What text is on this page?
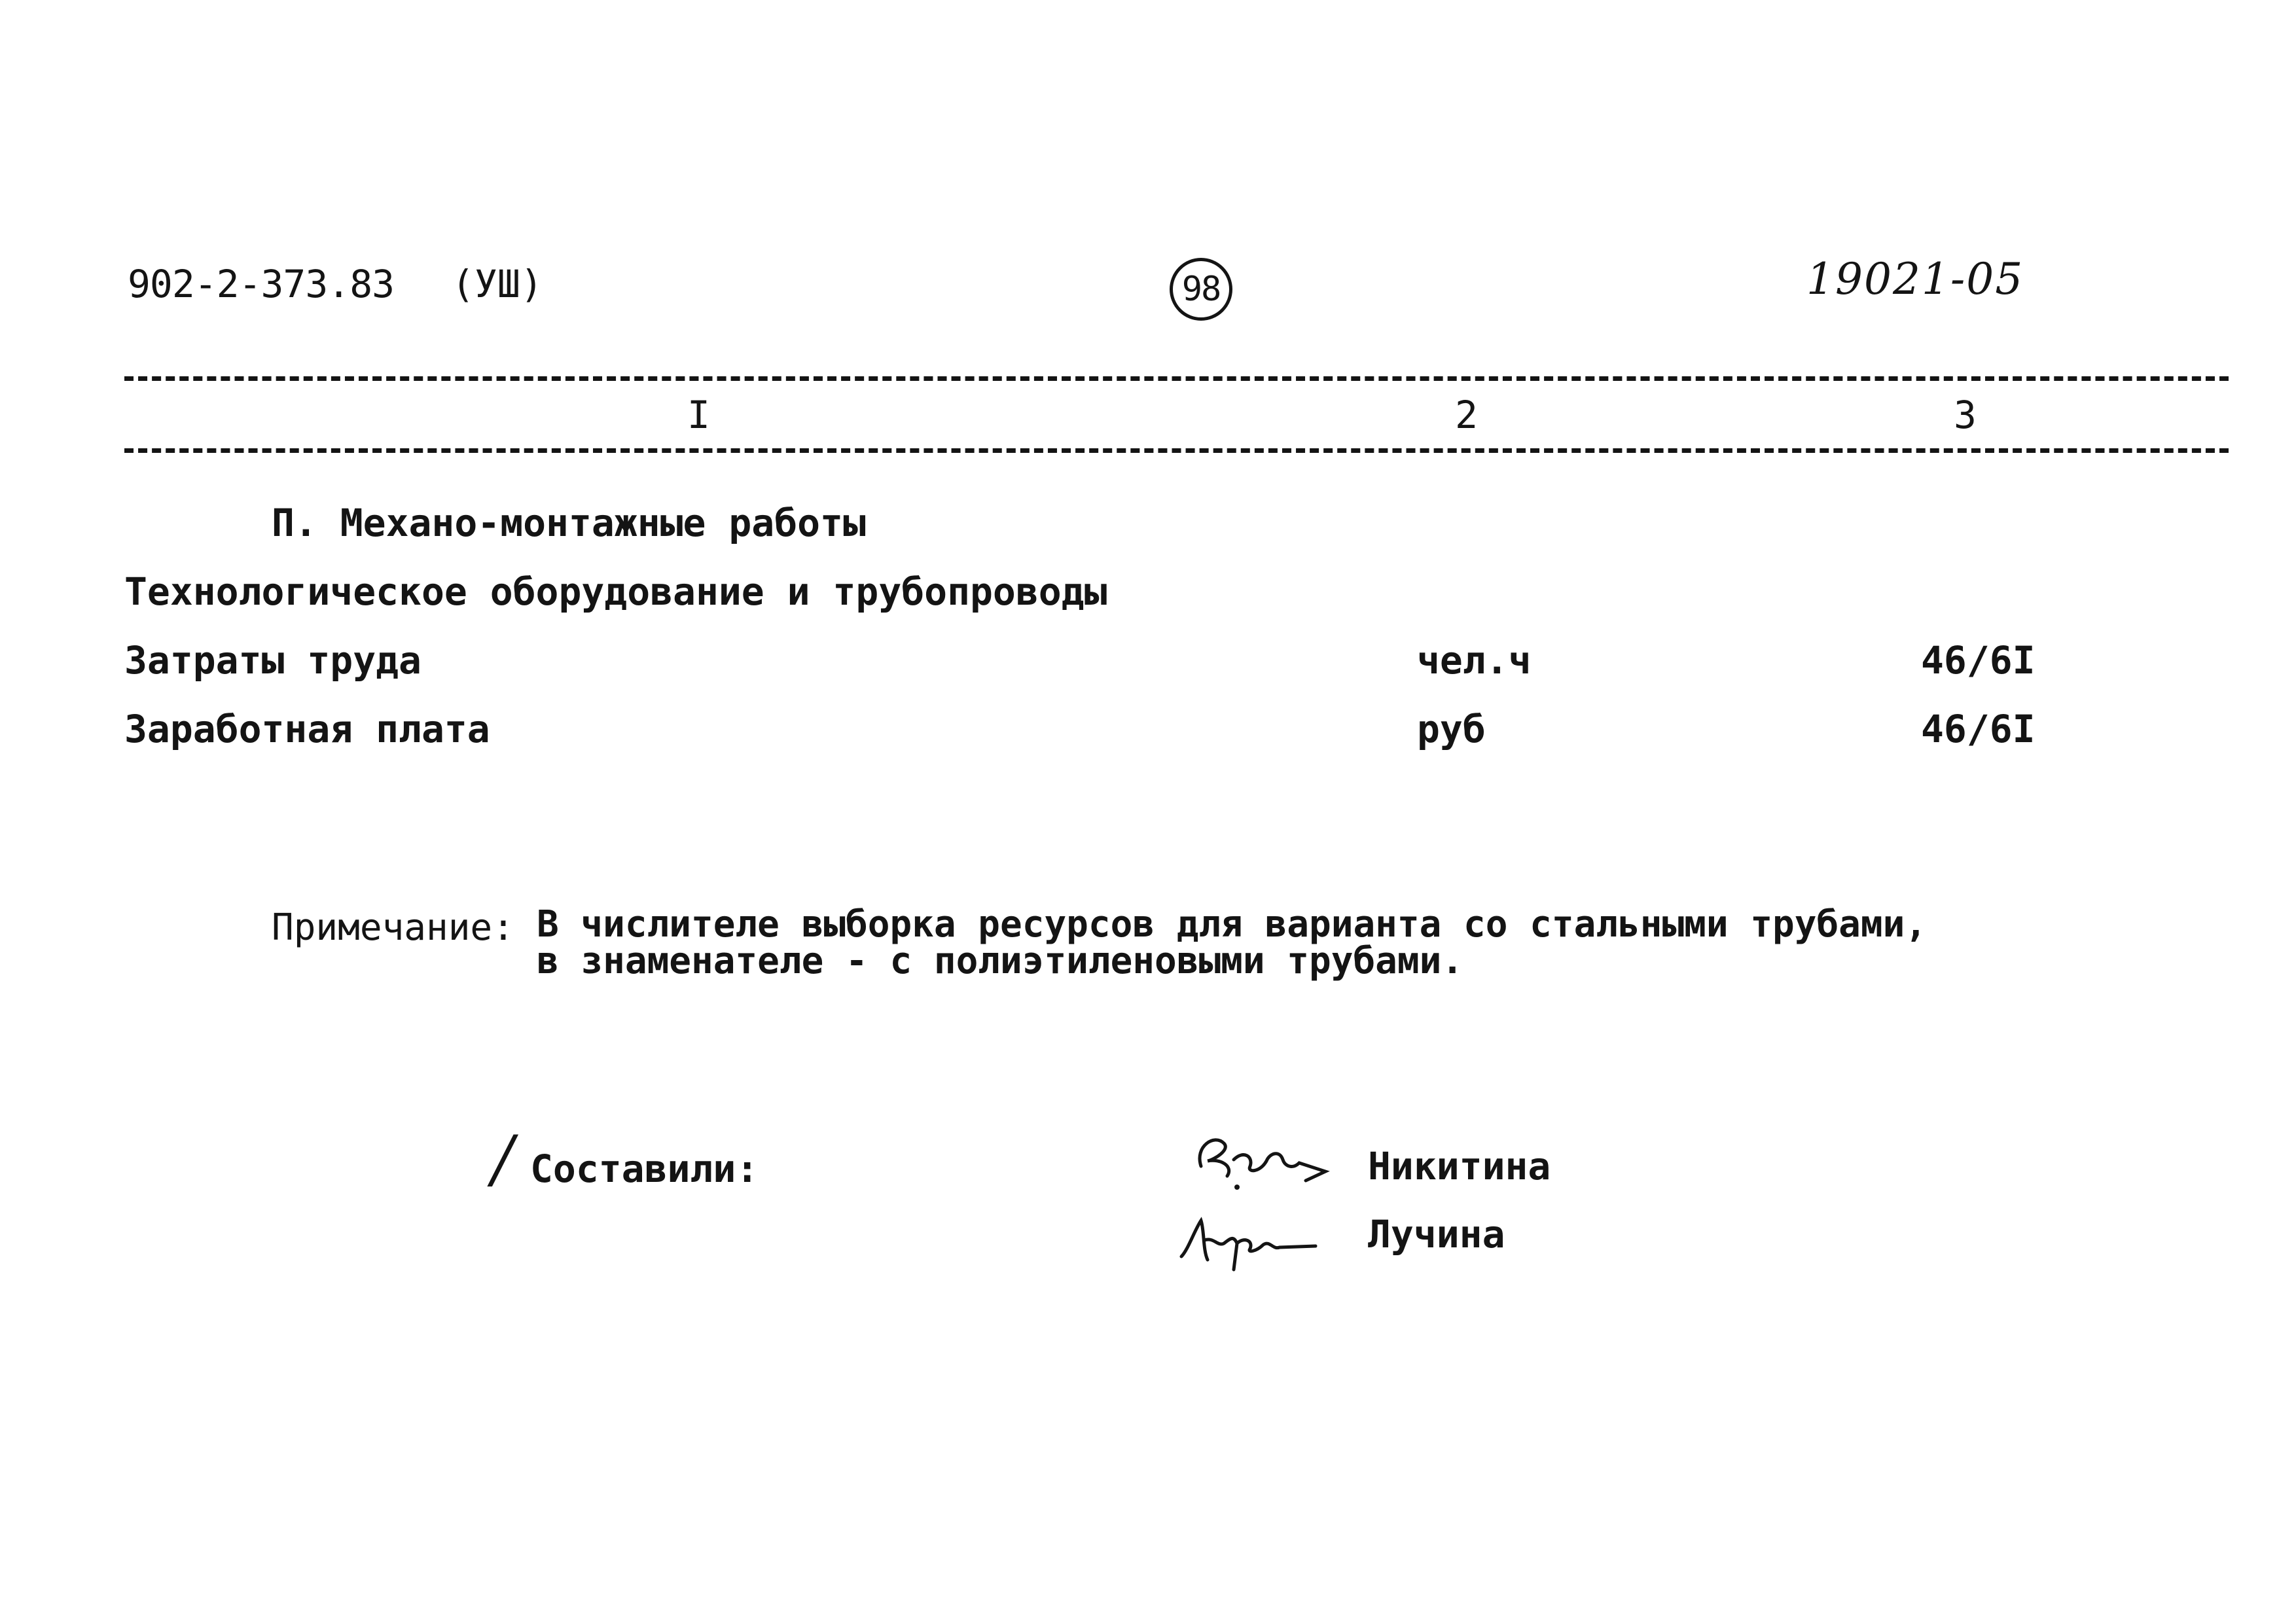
902-2-373.83 (УШ)	98	19021-05
I	2	3
П. Механо-монтажные работы
Технологическое оборудование и трубопроводы
Затраты труда	чел.ч	46/6I
Заработная плата	руб	46/6I
Примечание: В числителе выборка ресурсов для варианта со стальными трубами,
в знаменателе - с полиэтиленовыми трубами.
/ Составили:	Никитина
Лучина
